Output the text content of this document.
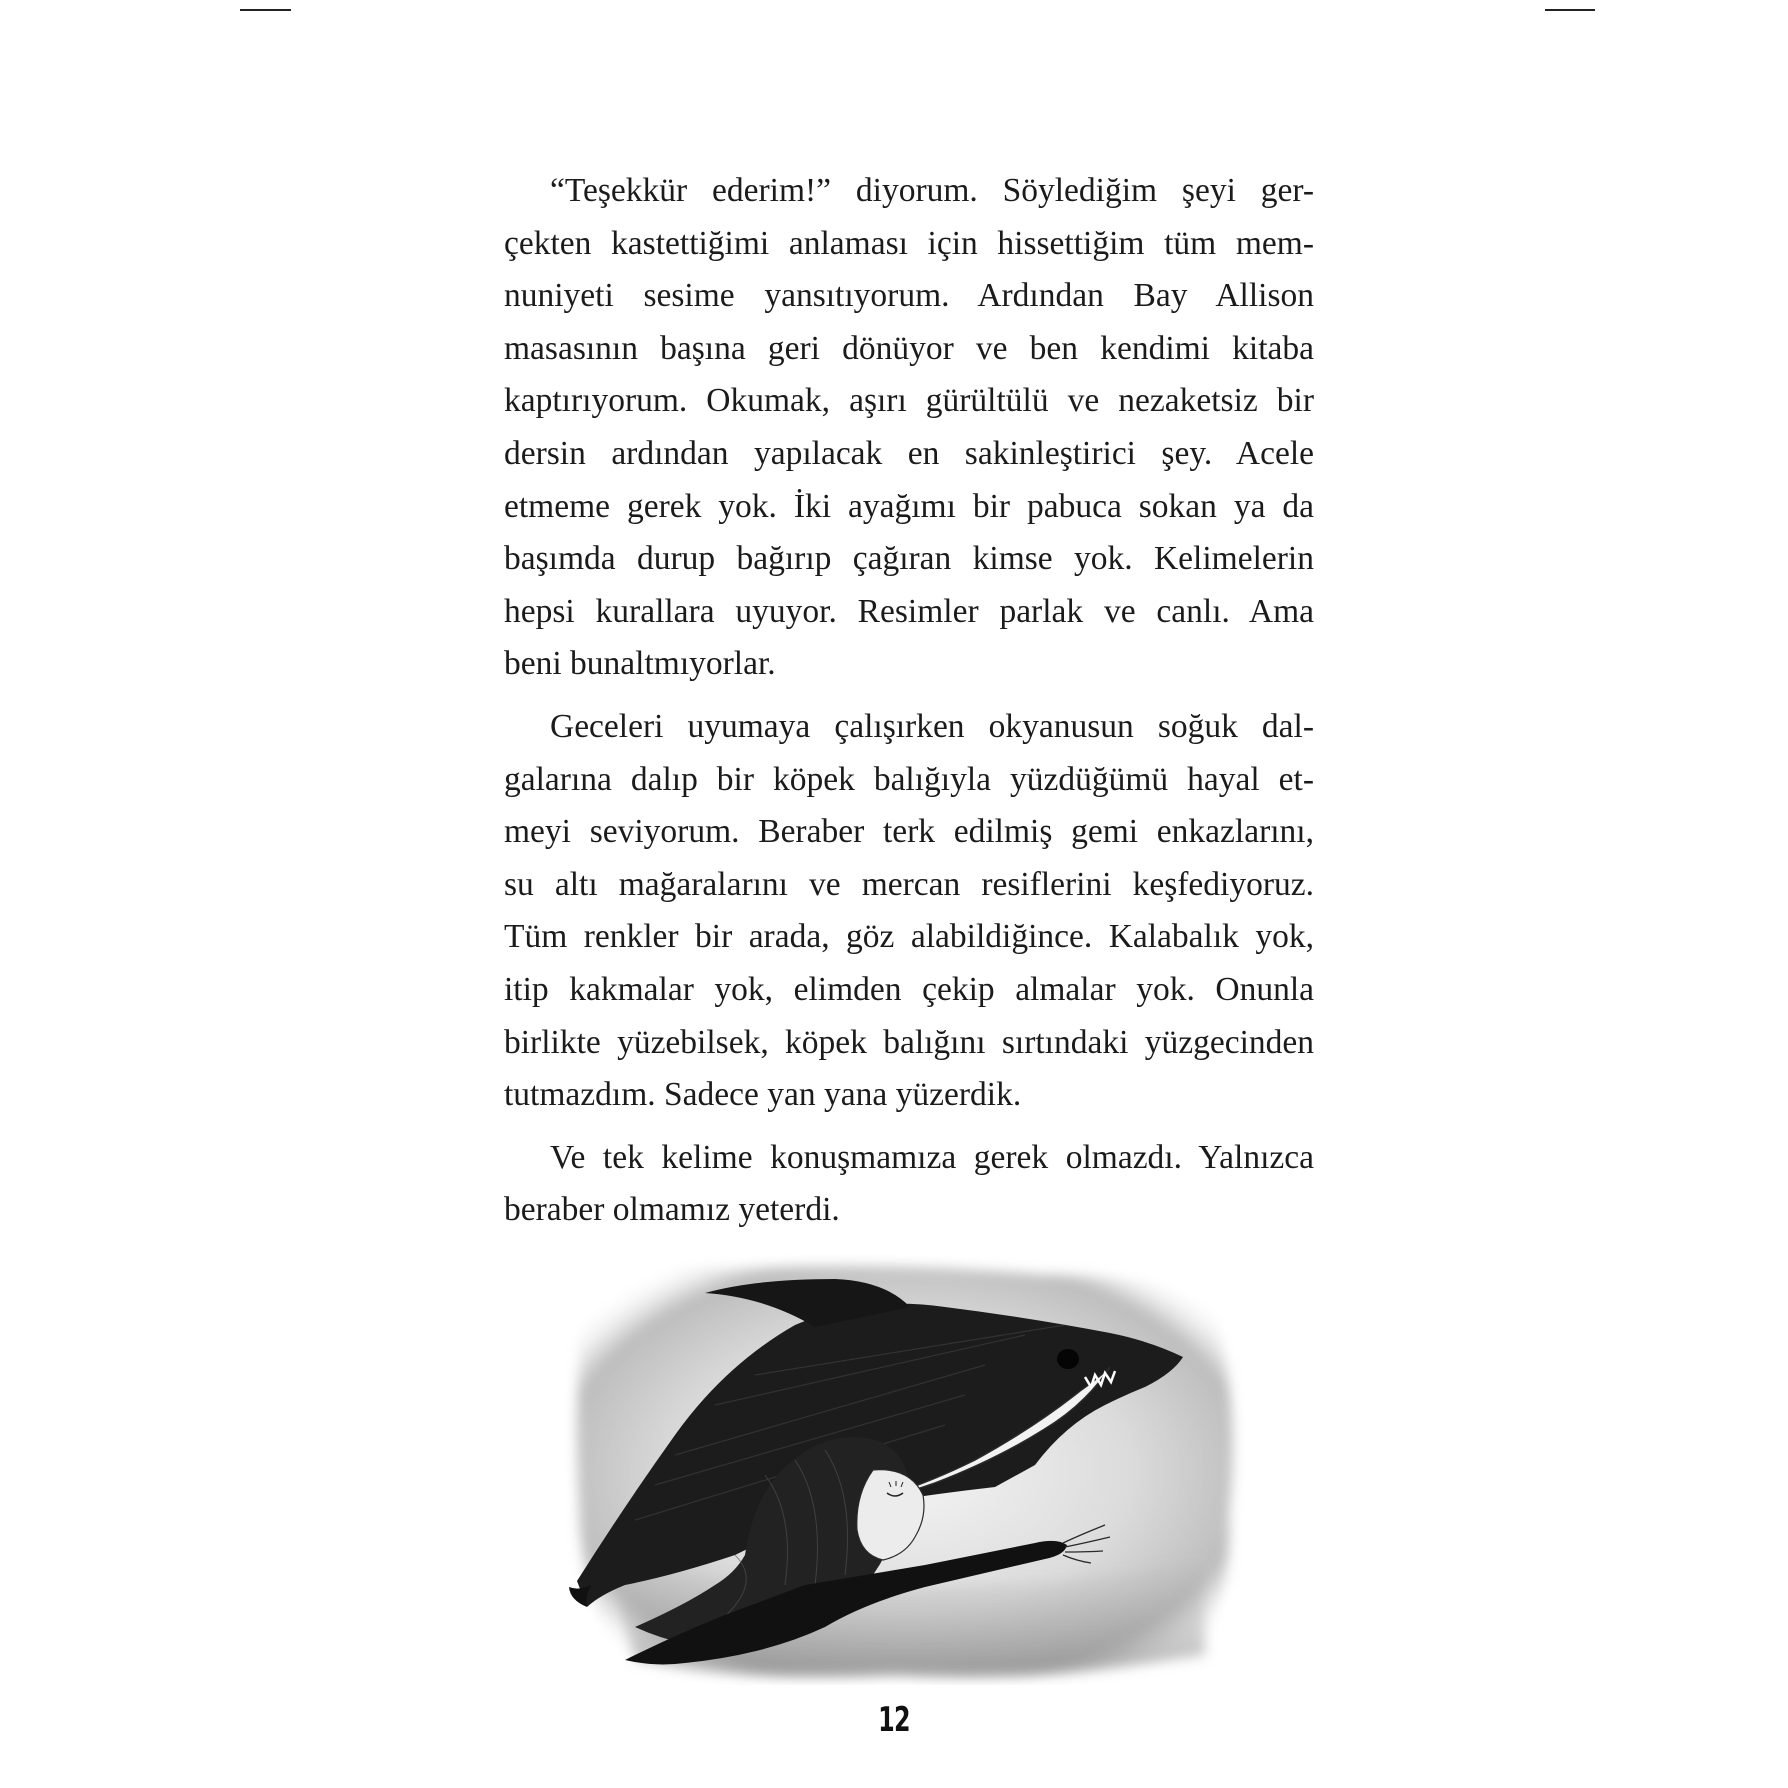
“Teşekkür ederim!” diyorum. Söylediğim şeyi ger-
çekten kastettiğimi anlaması için hissettiğim tüm mem-
nuniyeti sesime yansıtıyorum. Ardından Bay Allison
masasının başına geri dönüyor ve ben kendimi kitaba
kaptırıyorum. Okumak, aşırı gürültülü ve nezaketsiz bir
dersin ardından yapılacak en sakinleştirici şey. Acele
etmeme gerek yok. İki ayağımı bir pabuca sokan ya da
başımda durup bağırıp çağıran kimse yok. Kelimelerin
hepsi kurallara uyuyor. Resimler parlak ve canlı. Ama
beni bunaltmıyorlar.

Geceleri uyumaya çalışırken okyanusun soğuk dal-
galarına dalıp bir köpek balığıyla yüzdüğümü hayal et-
meyi seviyorum. Beraber terk edilmiş gemi enkazlarını,
su altı mağaralarını ve mercan resiflerini keşfediyoruz.
Tüm renkler bir arada, göz alabildiğince. Kalabalık yok,
itip kakmalar yok, elimden çekip almalar yok. Onunla
birlikte yüzebilsek, köpek balığını sırtındaki yüzgecinden
tutmazdım. Sadece yan yana yüzerdik.

Ve tek kelime konuşmamıza gerek olmazdı. Yalnızca
beraber olmamız yeterdi.

12
